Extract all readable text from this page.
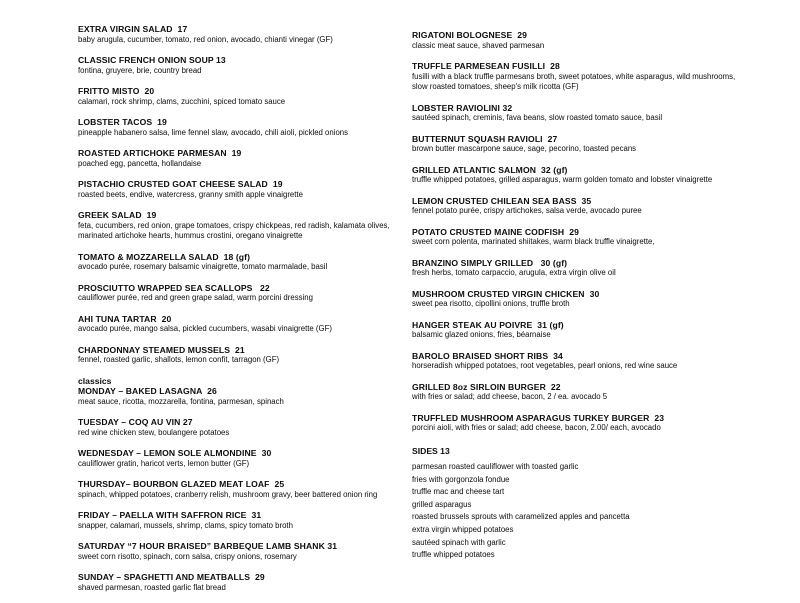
EXTRA VIRGIN SALAD  17
baby arugula, cucumber, tomato, red onion, avocado, chianti vinegar (GF)
CLASSIC FRENCH ONION SOUP 13
fontina, gruyere, brie, country bread
FRITTO MISTO  20
calamari, rock shrimp, clams, zucchini, spiced tomato sauce
LOBSTER TACOS  19
pineapple habanero salsa, lime fennel slaw, avocado, chili aioli, pickled onions
ROASTED ARTICHOKE PARMESAN  19
poached egg, pancetta, hollandaise
PISTACHIO CRUSTED GOAT CHEESE SALAD  19
roasted beets, endive, watercress, granny smith apple vinaigrette
GREEK SALAD  19
feta, cucumbers, red onion, grape tomatoes, crispy chickpeas, red radish, kalamata olives, marinated artichoke hearts, hummus crostini, oregano vinaigrette
TOMATO & MOZZARELLA SALAD  18 (gf)
avocado purée, rosemary balsamic vinaigrette, tomato marmalade, basil
PROSCIUTTO WRAPPED SEA SCALLOPS   22
cauliflower purée, red and green grape salad, warm porcini dressing
AHI TUNA TARTAR  20
avocado purée, mango salsa, pickled cucumbers, wasabi vinaigrette (GF)
CHARDONNAY STEAMED MUSSELS  21
fennel, roasted garlic, shallots, lemon confit, tarragon (GF)
classics
MONDAY – BAKED LASAGNA  26
meat sauce, ricotta, mozzarella, fontina, parmesan, spinach
TUESDAY – COQ AU VIN 27
red wine chicken stew, boulangere potatoes
WEDNESDAY – LEMON SOLE ALMONDINE  30
cauliflower gratin, haricot verts, lemon butter (GF)
THURSDAY– BOURBON GLAZED MEAT LOAF  25
spinach, whipped potatoes, cranberry relish, mushroom gravy, beer battered onion ring
FRIDAY – PAELLA WITH SAFFRON RICE  31
snapper, calamari, mussels, shrimp, clams, spicy tomato broth
SATURDAY “7 HOUR BRAISED” BARBEQUE LAMB SHANK 31
sweet corn risotto, spinach, corn salsa, crispy onions, rosemary
SUNDAY – SPAGHETTI AND MEATBALLS  29
shaved parmesan, roasted garlic flat bread
RIGATONI BOLOGNESE  29
classic meat sauce, shaved parmesan
TRUFFLE PARMESEAN FUSILLI  28
fusilli with a black truffle parmesans broth, sweet potatoes, white asparagus, wild mushrooms, slow roasted tomatoes, sheep's milk ricotta (GF)
LOBSTER RAVIOLINI 32
sautéed spinach, creminis, fava beans, slow roasted tomato sauce, basil
BUTTERNUT SQUASH RAVIOLI  27
brown butter mascarpone sauce, sage, pecorino, toasted pecans
GRILLED ATLANTIC SALMON  32 (gf)
truffle whipped potatoes, grilled asparagus, warm golden tomato and lobster vinaigrette
LEMON CRUSTED CHILEAN SEA BASS  35
fennel potato purée, crispy artichokes, salsa verde, avocado puree
POTATO CRUSTED MAINE CODFISH  29
sweet corn polenta, marinated shiitakes, warm black truffle vinaigrette,
BRANZINO SIMPLY GRILLED   30 (gf)
fresh herbs, tomato carpaccio, arugula, extra virgin olive oil
MUSHROOM CRUSTED VIRGIN CHICKEN  30
sweet pea risotto, cipollini onions, truffle broth
HANGER STEAK AU POIVRE  31 (gf)
balsamic glazed onions, fries, béarnaise
BAROLO BRAISED SHORT RIBS  34
horseradish whipped potatoes, root vegetables, pearl onions, red wine sauce
GRILLED 8oz SIRLOIN BURGER  22
with fries or salad; add cheese, bacon, 2 / ea. avocado 5
TRUFFLED MUSHROOM ASPARAGUS TURKEY BURGER  23
porcini aioli, with fries or salad; add cheese, bacon, 2.00/ each, avocado
SIDES 13
parmesan roasted cauliflower with toasted garlic
fries with gorgonzola fondue
truffle mac and cheese tart
grilled asparagus
roasted brussels sprouts with caramelized apples and pancetta
extra virgin whipped potatoes
sautéed spinach with garlic
truffle whipped potatoes
